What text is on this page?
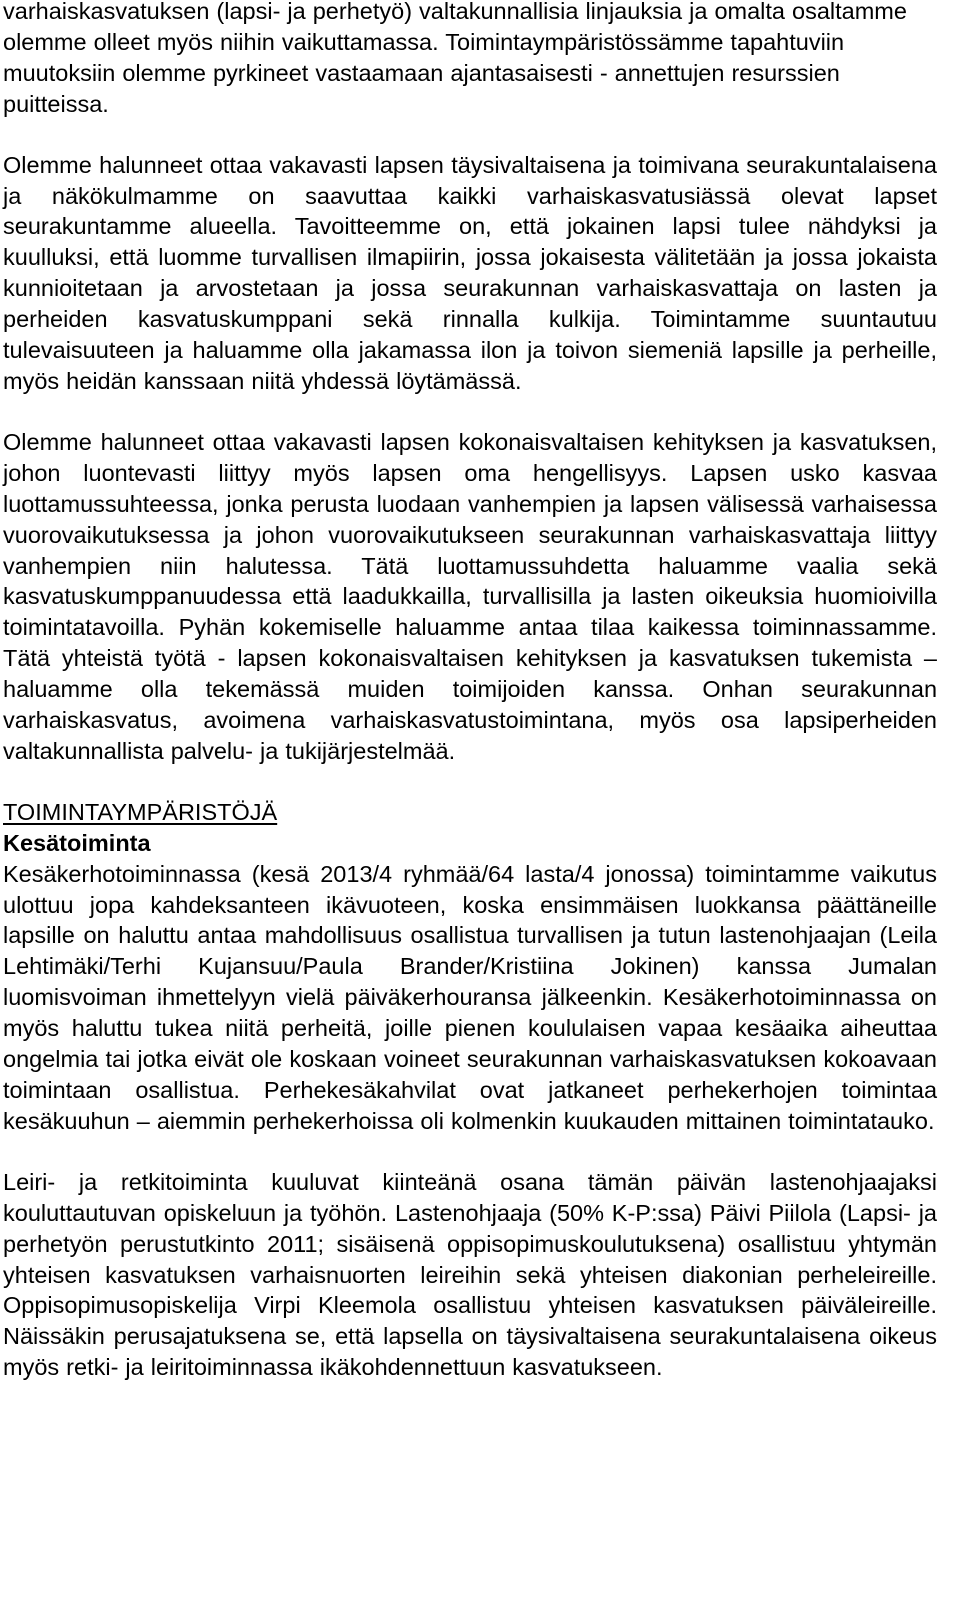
varhaiskasvatuksen (lapsi- ja perhetyö) valtakunnallisia linjauksia ja omalta osaltamme olemme olleet myös niihin vaikuttamassa. Toimintaympäristössämme tapahtuviin muutoksiin olemme pyrkineet vastaamaan ajantasaisesti - annettujen resurssien puitteissa.

Olemme halunneet ottaa vakavasti lapsen täysivaltaisena ja toimivana seurakuntalaisena ja näkökulmamme on saavuttaa kaikki varhaiskasvatusiässä olevat lapset seurakuntamme alueella. Tavoitteemme on, että jokainen lapsi tulee nähdyksi ja kuulluksi, että luomme turvallisen ilmapiirin, jossa jokaisesta välitetään ja jossa jokaista kunnioitetaan ja arvostetaan ja jossa seurakunnan varhaiskasvattaja on lasten ja perheiden kasvatuskumppani sekä rinnalla kulkija. Toimintamme suuntautuu tulevaisuuteen ja haluamme olla jakamassa ilon ja toivon siemeniä lapsille ja perheille, myös heidän kanssaan niitä yhdessä löytämässä.

Olemme halunneet ottaa vakavasti lapsen kokonaisvaltaisen kehityksen ja kasvatuksen, johon luontevasti liittyy myös lapsen oma hengellisyys. Lapsen usko kasvaa luottamussuhteessa, jonka perusta luodaan vanhempien ja lapsen välisessä varhaisessa vuorovaikutuksessa ja johon vuorovaikutukseen seurakunnan varhaiskasvattaja liittyy vanhempien niin halutessa. Tätä luottamussuhdetta haluamme vaalia sekä kasvatuskumppanuudessa että laadukkailla, turvallisilla ja lasten oikeuksia huomioivilla toimintatavoilla. Pyhän kokemiselle haluamme antaa tilaa kaikessa toiminnassamme. Tätä yhteistä työtä - lapsen kokonaisvaltaisen kehityksen ja kasvatuksen tukemista – haluamme olla tekemässä muiden toimijoiden kanssa. Onhan seurakunnan varhaiskasvatus, avoimena varhaiskasvatustoimintana, myös osa lapsiperheiden valtakunnallista palvelu- ja tukijärjestelmää.

TOIMINTAYMPÄRISTÖJÄ
Kesätoiminta

Kesäkerhotoiminnassa (kesä 2013/4 ryhmää/64 lasta/4 jonossa) toimintamme vaikutus ulottuu jopa kahdeksanteen ikävuoteen, koska ensimmäisen luokkansa päättäneille lapsille on haluttu antaa mahdollisuus osallistua turvallisen ja tutun lastenohjaajan (Leila Lehtimäki/Terhi Kujansuu/Paula Brander/Kristiina Jokinen) kanssa Jumalan luomisvoiman ihmettelyyn vielä päiväkerhouransa jälkeenkin. Kesäkerhotoiminnassa on myös haluttu tukea niitä perheitä, joille pienen koululaisen vapaa kesäaika aiheuttaa ongelmia tai jotka eivät ole koskaan voineet seurakunnan varhaiskasvatuksen kokoavaan toimintaan osallistua. Perhekesäkahvilat ovat jatkaneet perhekerhojen toimintaa kesäkuuhun – aiemmin perhekerhoissa oli kolmenkin kuukauden mittainen toimintatauko.

Leiri- ja retkitoiminta kuuluvat kiinteänä osana tämän päivän lastenohjaajaksi kouluttautuvan opiskeluun ja työhön. Lastenohjaaja (50% K-P:ssa) Päivi Piilola (Lapsi- ja perhetyön perustutkinto 2011; sisäisenä oppisopimuskoulutuksena) osallistuu yhtymän yhteisen kasvatuksen varhaisnuorten leireihin sekä yhteisen diakonian perheleireille. Oppisopimusopiskelija Virpi Kleemola osallistuu yhteisen kasvatuksen päiväleireille. Näissäkin perusajatuksena se, että lapsella on täysivaltaisena seurakuntalaisena oikeus myös retki- ja leiritoiminnassa ikäkohdennettuun kasvatukseen.
